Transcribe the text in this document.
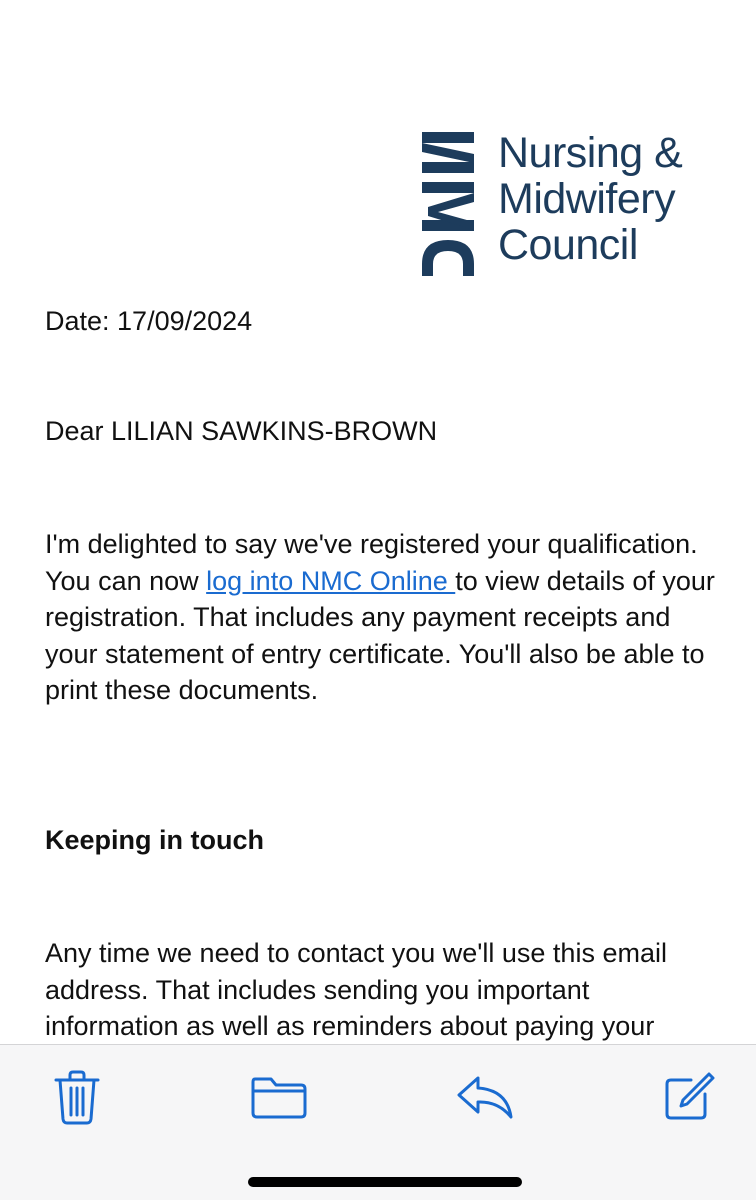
Nursing &
Midwifery
Council
Date: 17/09/2024
Dear LILIAN SAWKINS-BROWN
I'm delighted to say we've registered your qualification. You can now log into NMC Online to view details of your registration. That includes any payment receipts and your statement of entry certificate. You'll also be able to print these documents.
Keeping in touch
Any time we need to contact you we'll use this email address. That includes sending you important information as well as reminders about paying your
